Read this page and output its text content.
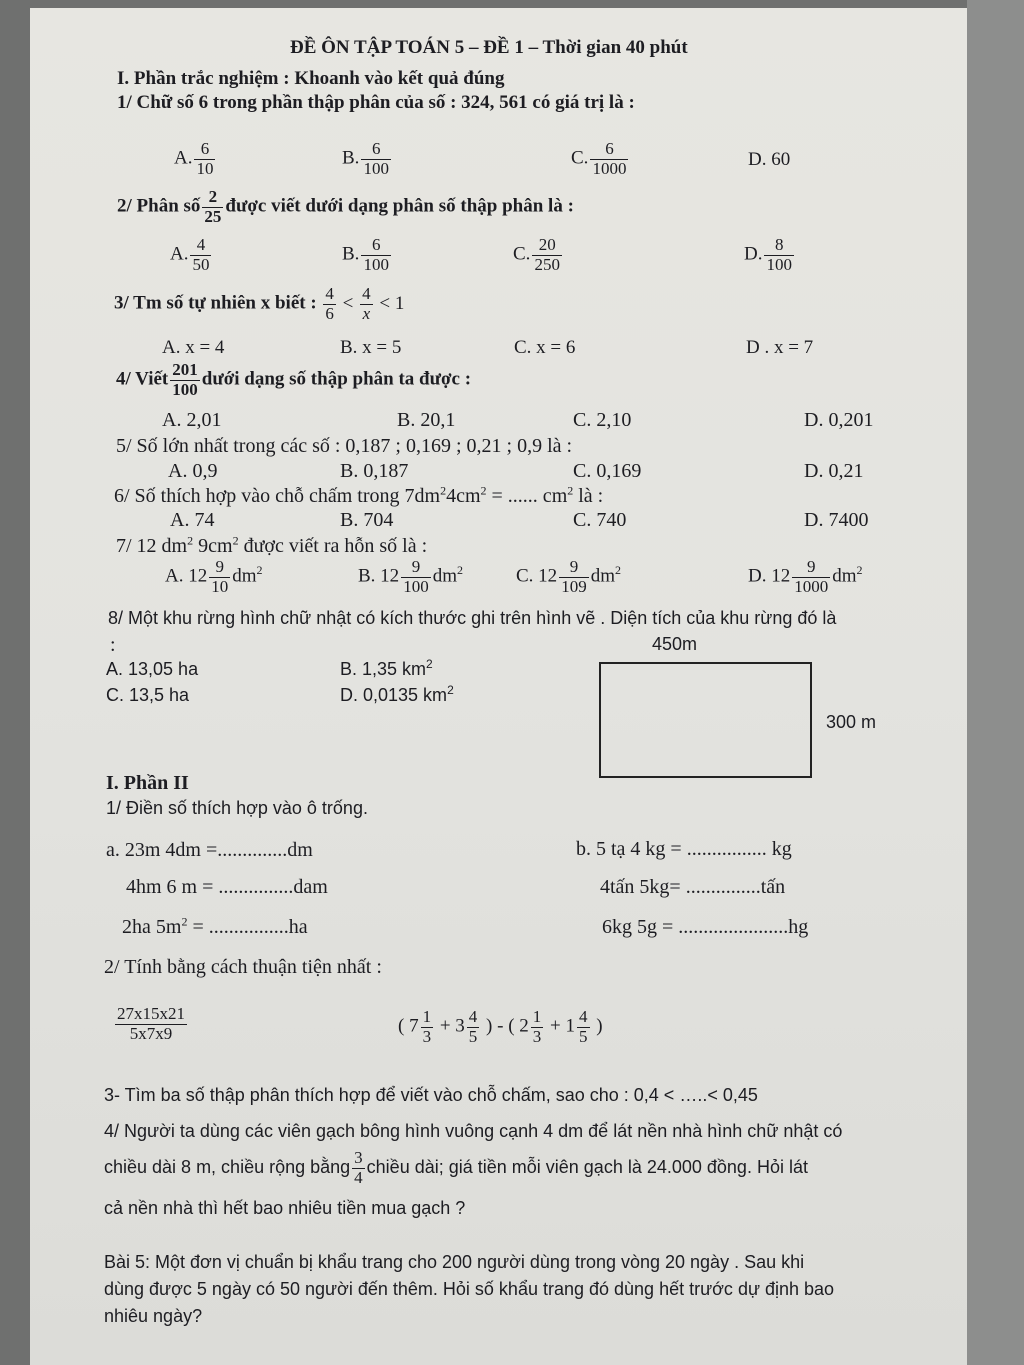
ĐỀ ÔN TẬP TOÁN 5 – ĐỀ 1 – Thời gian 40 phút
I. Phần trắc nghiệm : Khoanh vào kết quả đúng
1/ Chữ số 6 trong phần thập phân của số : 324, 561 có giá trị là :
A. $\frac{6}{10}$	B. $\frac{6}{100}$	C. $\frac{6}{1000}$	D. 60
2/ Phân số $\frac{2}{25}$ được viết dưới dạng phân số thập phân là :
A. $\frac{4}{50}$	B. $\frac{6}{100}$	C. $\frac{20}{250}$	D. $\frac{8}{100}$
3/ Tm số tự nhiên x biết : $\frac{4}{6} < \frac{4}{x} < 1$
A. x = 4	B. x = 5	C. x = 6	D . x = 7
4/ Viết $\frac{201}{100}$ dưới dạng số thập phân ta được :
A. 2,01	B. 20,1	C. 2,10	D. 0,201
5/ Số lớn nhất trong các số : 0,187 ; 0,169 ; 0,21 ; 0,9 là :
A. 0,9	B. 0,187	C. 0,169	D. 0,21
6/ Số thích hợp vào chỗ chấm trong $7dm^24cm^2$ = ...... $cm^2$ là :
A. 74	B. 704	C. 740	D. 7400
7/ 12 $dm^2$ $9cm^2$ được viết ra hỗn số là :
A. $12 \frac{9}{10} dm^2$	B. $12 \frac{9}{100} dm^2$	C. $12 \frac{9}{109} dm^2$	D. $12 \frac{9}{1000} dm^2$
8/ Một khu rừng hình chữ nhật có kích thước ghi trên hình vẽ . Diện tích của khu rừng đó là
:	450m
A. 13,05 ha	B. 1,35 $km^2$
C. 13,5 ha	D. 0,0135 $km^2$
300 m
I. Phần II
1/ Điền số thích hợp vào ô trống.
a. 23m 4dm =..............dm	b. 5 tạ 4 kg = ................ kg
4hm 6 m = ...............dam	4tấn 5kg= ...............tấn
2ha $5m^2 = ................ha$	6kg 5g = ......................hg
2/ Tính bằng cách thuận tiện nhất :
$\frac{27x15x21}{5x7x9}$	( $7 \frac{1}{3} + 3 \frac{4}{5}$ ) - ( $2 \frac{1}{3} + 1 \frac{4}{5}$ )
3- Tìm ba số thập phân thích hợp để viết vào chỗ chấm, sao cho : 0,4 < …..< 0,45
4/ Người ta dùng các viên gạch bông hình vuông cạnh 4 dm để lát nền nhà hình chữ nhật có
chiều dài 8 m, chiều rộng bằng $\frac{3}{4}$ chiều dài; giá tiền mỗi viên gạch là 24.000 đồng. Hỏi lát
cả nền nhà thì hết bao nhiêu tiền mua gạch ?
Bài 5: Một đơn vị chuẩn bị khẩu trang cho 200 người dùng trong vòng 20 ngày . Sau khi
dùng được 5 ngày có 50 người đến thêm. Hỏi số khẩu trang đó dùng hết trước dự định bao
nhiêu ngày?
